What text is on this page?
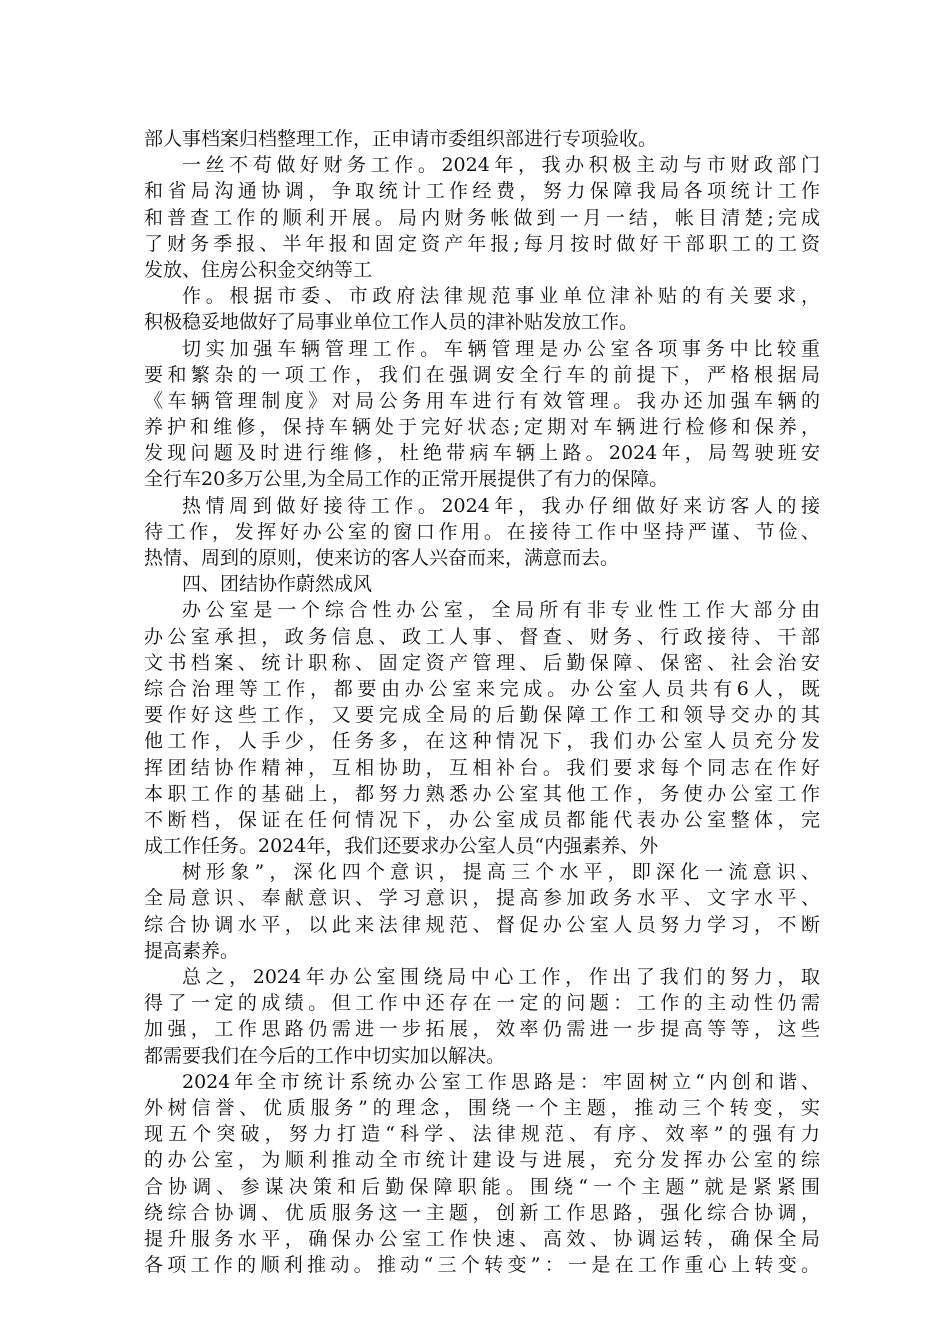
部人事档案归档整理工作，正申请市委组织部进行专项验收。
一丝不苟做好财务工作。2024年，我办积极主动与市财政部门
和省局沟通协调，争取统计工作经费，努力保障我局各项统计工作
和普查工作的顺利开展。局内财务帐做到一月一结，帐目清楚;完成
了财务季报、半年报和固定资产年报;每月按时做好干部职工的工资
发放、住房公积金交纳等工
作。根据市委、市政府法律规范事业单位津补贴的有关要求，
积极稳妥地做好了局事业单位工作人员的津补贴发放工作。
切实加强车辆管理工作。车辆管理是办公室各项事务中比较重
要和繁杂的一项工作，我们在强调安全行车的前提下，严格根据局
《车辆管理制度》对局公务用车进行有效管理。我办还加强车辆的
养护和维修，保持车辆处于完好状态;定期对车辆进行检修和保养，
发现问题及时进行维修，杜绝带病车辆上路。2024年，局驾驶班安
全行车20多万公里,为全局工作的正常开展提供了有力的保障。
热情周到做好接待工作。2024年，我办仔细做好来访客人的接
待工作，发挥好办公室的窗口作用。在接待工作中坚持严谨、节俭、
热情、周到的原则，使来访的客人兴奋而来，满意而去。
四、团结协作蔚然成风
办公室是一个综合性办公室，全局所有非专业性工作大部分由
办公室承担，政务信息、政工人事、督查、财务、行政接待、干部
文书档案、统计职称、固定资产管理、后勤保障、保密、社会治安
综合治理等工作，都要由办公室来完成。办公室人员共有6人，既
要作好这些工作，又要完成全局的后勤保障工作工和领导交办的其
他工作，人手少，任务多，在这种情况下，我们办公室人员充分发
挥团结协作精神，互相协助，互相补台。我们要求每个同志在作好
本职工作的基础上，都努力熟悉办公室其他工作，务使办公室工作
不断档，保证在任何情况下，办公室成员都能代表办公室整体，完
成工作任务。2024年，我们还要求办公室人员“内强素养、外
树形象”，深化四个意识，提高三个水平，即深化一流意识、
全局意识、奉献意识、学习意识，提高参加政务水平、文字水平、
综合协调水平，以此来法律规范、督促办公室人员努力学习，不断
提高素养。
总之，2024年办公室围绕局中心工作，作出了我们的努力，取
得了一定的成绩。但工作中还存在一定的问题：工作的主动性仍需
加强，工作思路仍需进一步拓展，效率仍需进一步提高等等，这些
都需要我们在今后的工作中切实加以解决。
2024年全市统计系统办公室工作思路是：牢固树立“内创和谐、
外树信誉、优质服务”的理念，围绕一个主题，推动三个转变，实
现五个突破，努力打造“科学、法律规范、有序、效率”的强有力
的办公室，为顺利推动全市统计建设与进展，充分发挥办公室的综
合协调、参谋决策和后勤保障职能。围绕“一个主题”就是紧紧围
绕综合协调、优质服务这一主题，创新工作思路，强化综合协调，
提升服务水平，确保办公室工作快速、高效、协调运转，确保全局
各项工作的顺利推动。推动“三个转变”：一是在工作重心上转变。
